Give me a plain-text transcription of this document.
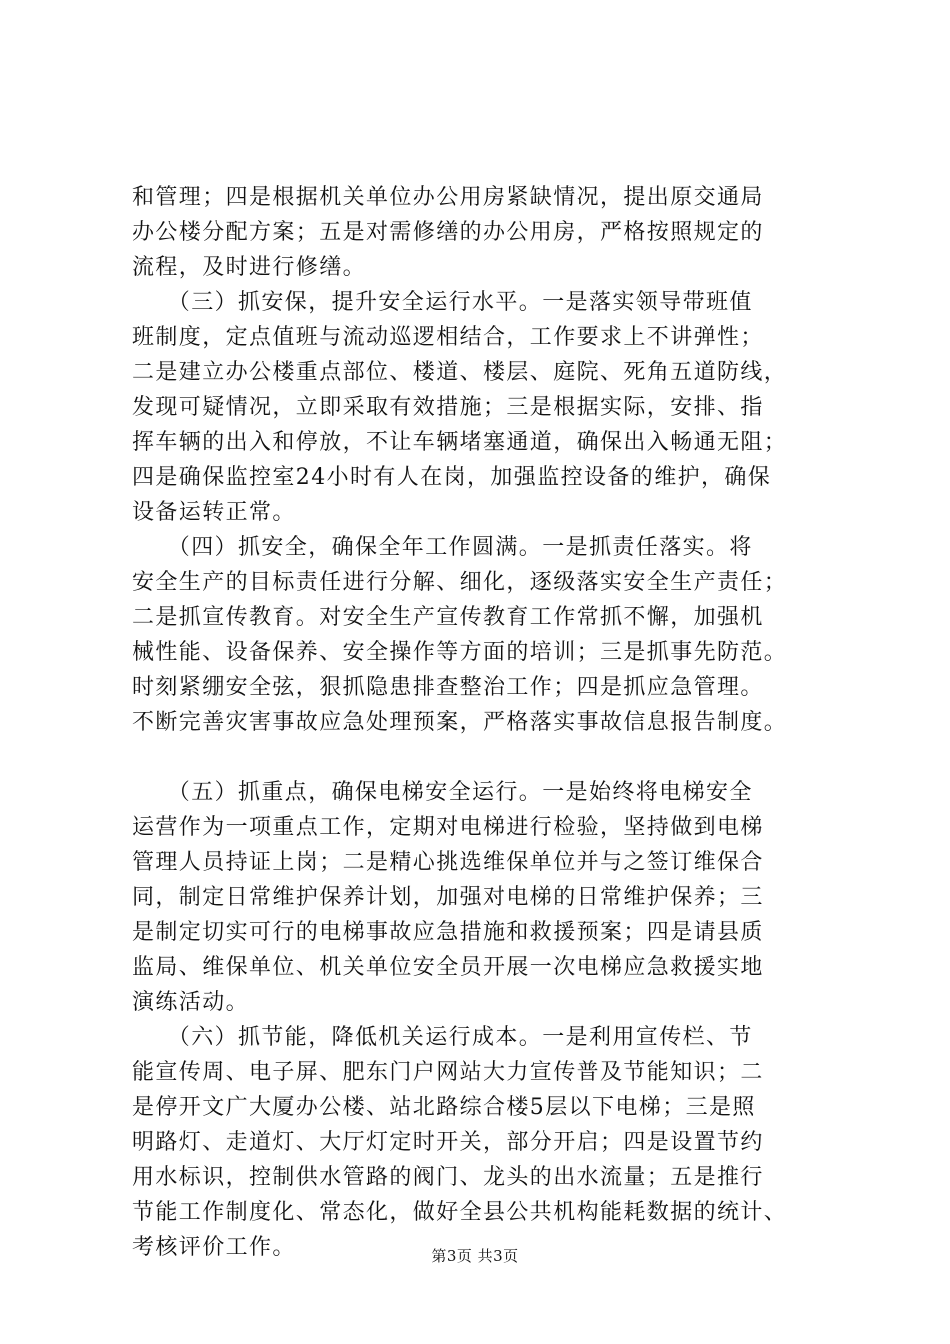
和管理；四是根据机关单位办公用房紧缺情况，提出原交通局
办公楼分配方案；五是对需修缮的办公用房，严格按照规定的
流程，及时进行修缮。
　　（三）抓安保，提升安全运行水平。一是落实领导带班值
班制度，定点值班与流动巡逻相结合，工作要求上不讲弹性；
二是建立办公楼重点部位、楼道、楼层、庭院、死角五道防线，
发现可疑情况，立即采取有效措施；三是根据实际，安排、指
挥车辆的出入和停放，不让车辆堵塞通道，确保出入畅通无阻；
四是确保监控室24小时有人在岗，加强监控设备的维护，确保
设备运转正常。
　　（四）抓安全，确保全年工作圆满。一是抓责任落实。将
安全生产的目标责任进行分解、细化，逐级落实安全生产责任；
二是抓宣传教育。对安全生产宣传教育工作常抓不懈，加强机
械性能、设备保养、安全操作等方面的培训；三是抓事先防范。
时刻紧绷安全弦，狠抓隐患排查整治工作；四是抓应急管理。
不断完善灾害事故应急处理预案，严格落实事故信息报告制度。
　　（五）抓重点，确保电梯安全运行。一是始终将电梯安全
运营作为一项重点工作，定期对电梯进行检验，坚持做到电梯
管理人员持证上岗；二是精心挑选维保单位并与之签订维保合
同，制定日常维护保养计划，加强对电梯的日常维护保养；三
是制定切实可行的电梯事故应急措施和救援预案；四是请县质
监局、维保单位、机关单位安全员开展一次电梯应急救援实地
演练活动。
　　（六）抓节能，降低机关运行成本。一是利用宣传栏、节
能宣传周、电子屏、肥东门户网站大力宣传普及节能知识；二
是停开文广大厦办公楼、站北路综合楼5层以下电梯；三是照
明路灯、走道灯、大厅灯定时开关，部分开启；四是设置节约
用水标识，控制供水管路的阀门、龙头的出水流量；五是推行
节能工作制度化、常态化，做好全县公共机构能耗数据的统计、
考核评价工作。	第3页 共3页
